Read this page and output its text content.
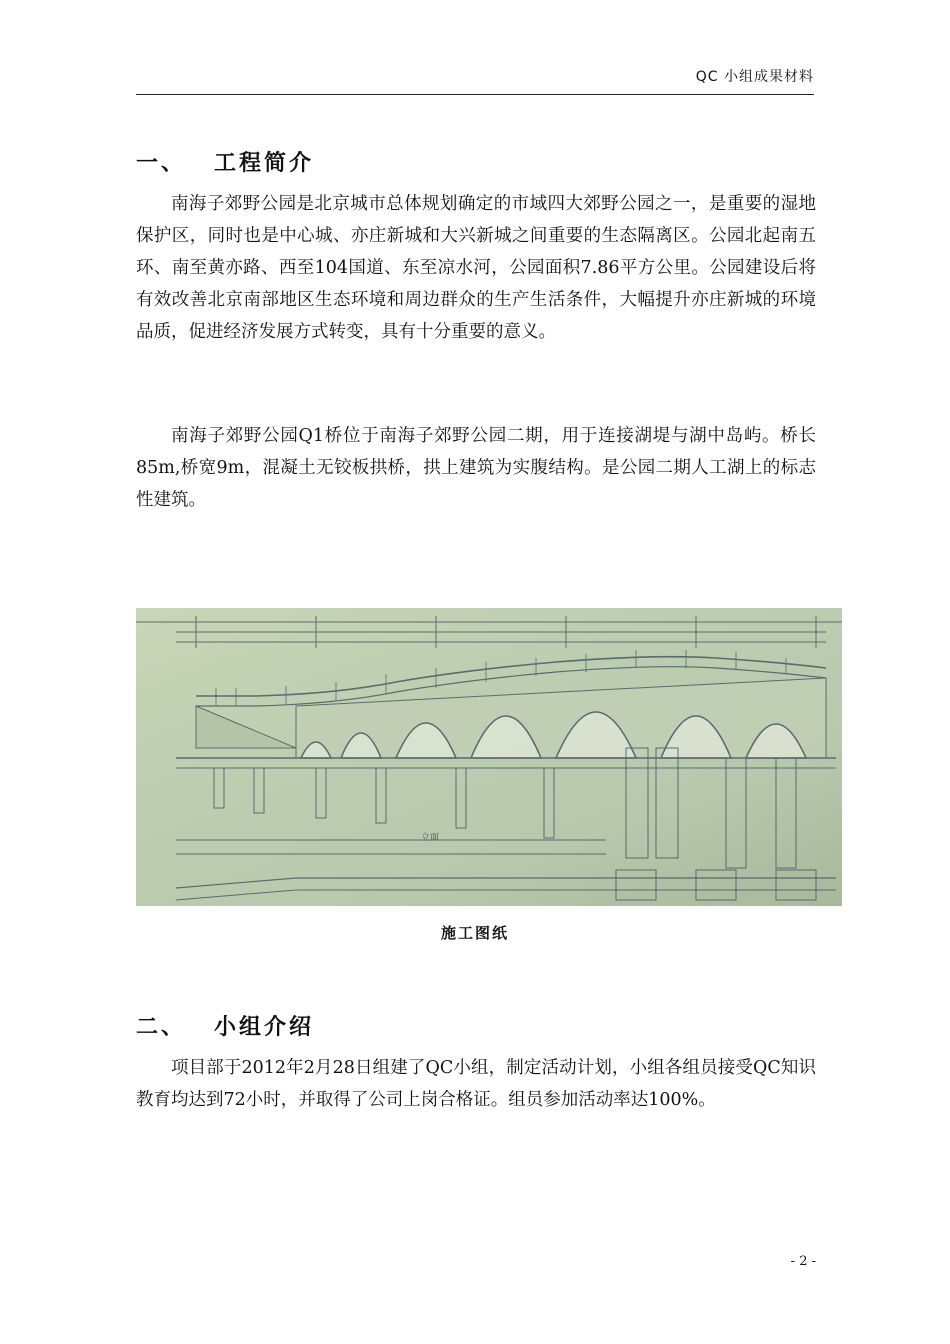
QC 小组成果材料
一、 工程简介
南海子郊野公园是北京城市总体规划确定的市域四大郊野公园之一，是重要的湿地保护区，同时也是中心城、亦庄新城和大兴新城之间重要的生态隔离区。公园北起南五环、南至黄亦路、西至104国道、东至凉水河，公园面积7.86平方公里。公园建设后将有效改善北京南部地区生态环境和周边群众的生产生活条件，大幅提升亦庄新城的环境品质，促进经济发展方式转变，具有十分重要的意义。
南海子郊野公园Q1桥位于南海子郊野公园二期，用于连接湖堤与湖中岛屿。桥长85m,桥宽9m，混凝土无铰板拱桥，拱上建筑为实腹结构。是公园二期人工湖上的标志性建筑。
立面
施工图纸
二、 小组介绍
项目部于2012年2月28日组建了QC小组，制定活动计划，小组各组员接受QC知识教育均达到72小时，并取得了公司上岗合格证。组员参加活动率达100%。
- 2 -
